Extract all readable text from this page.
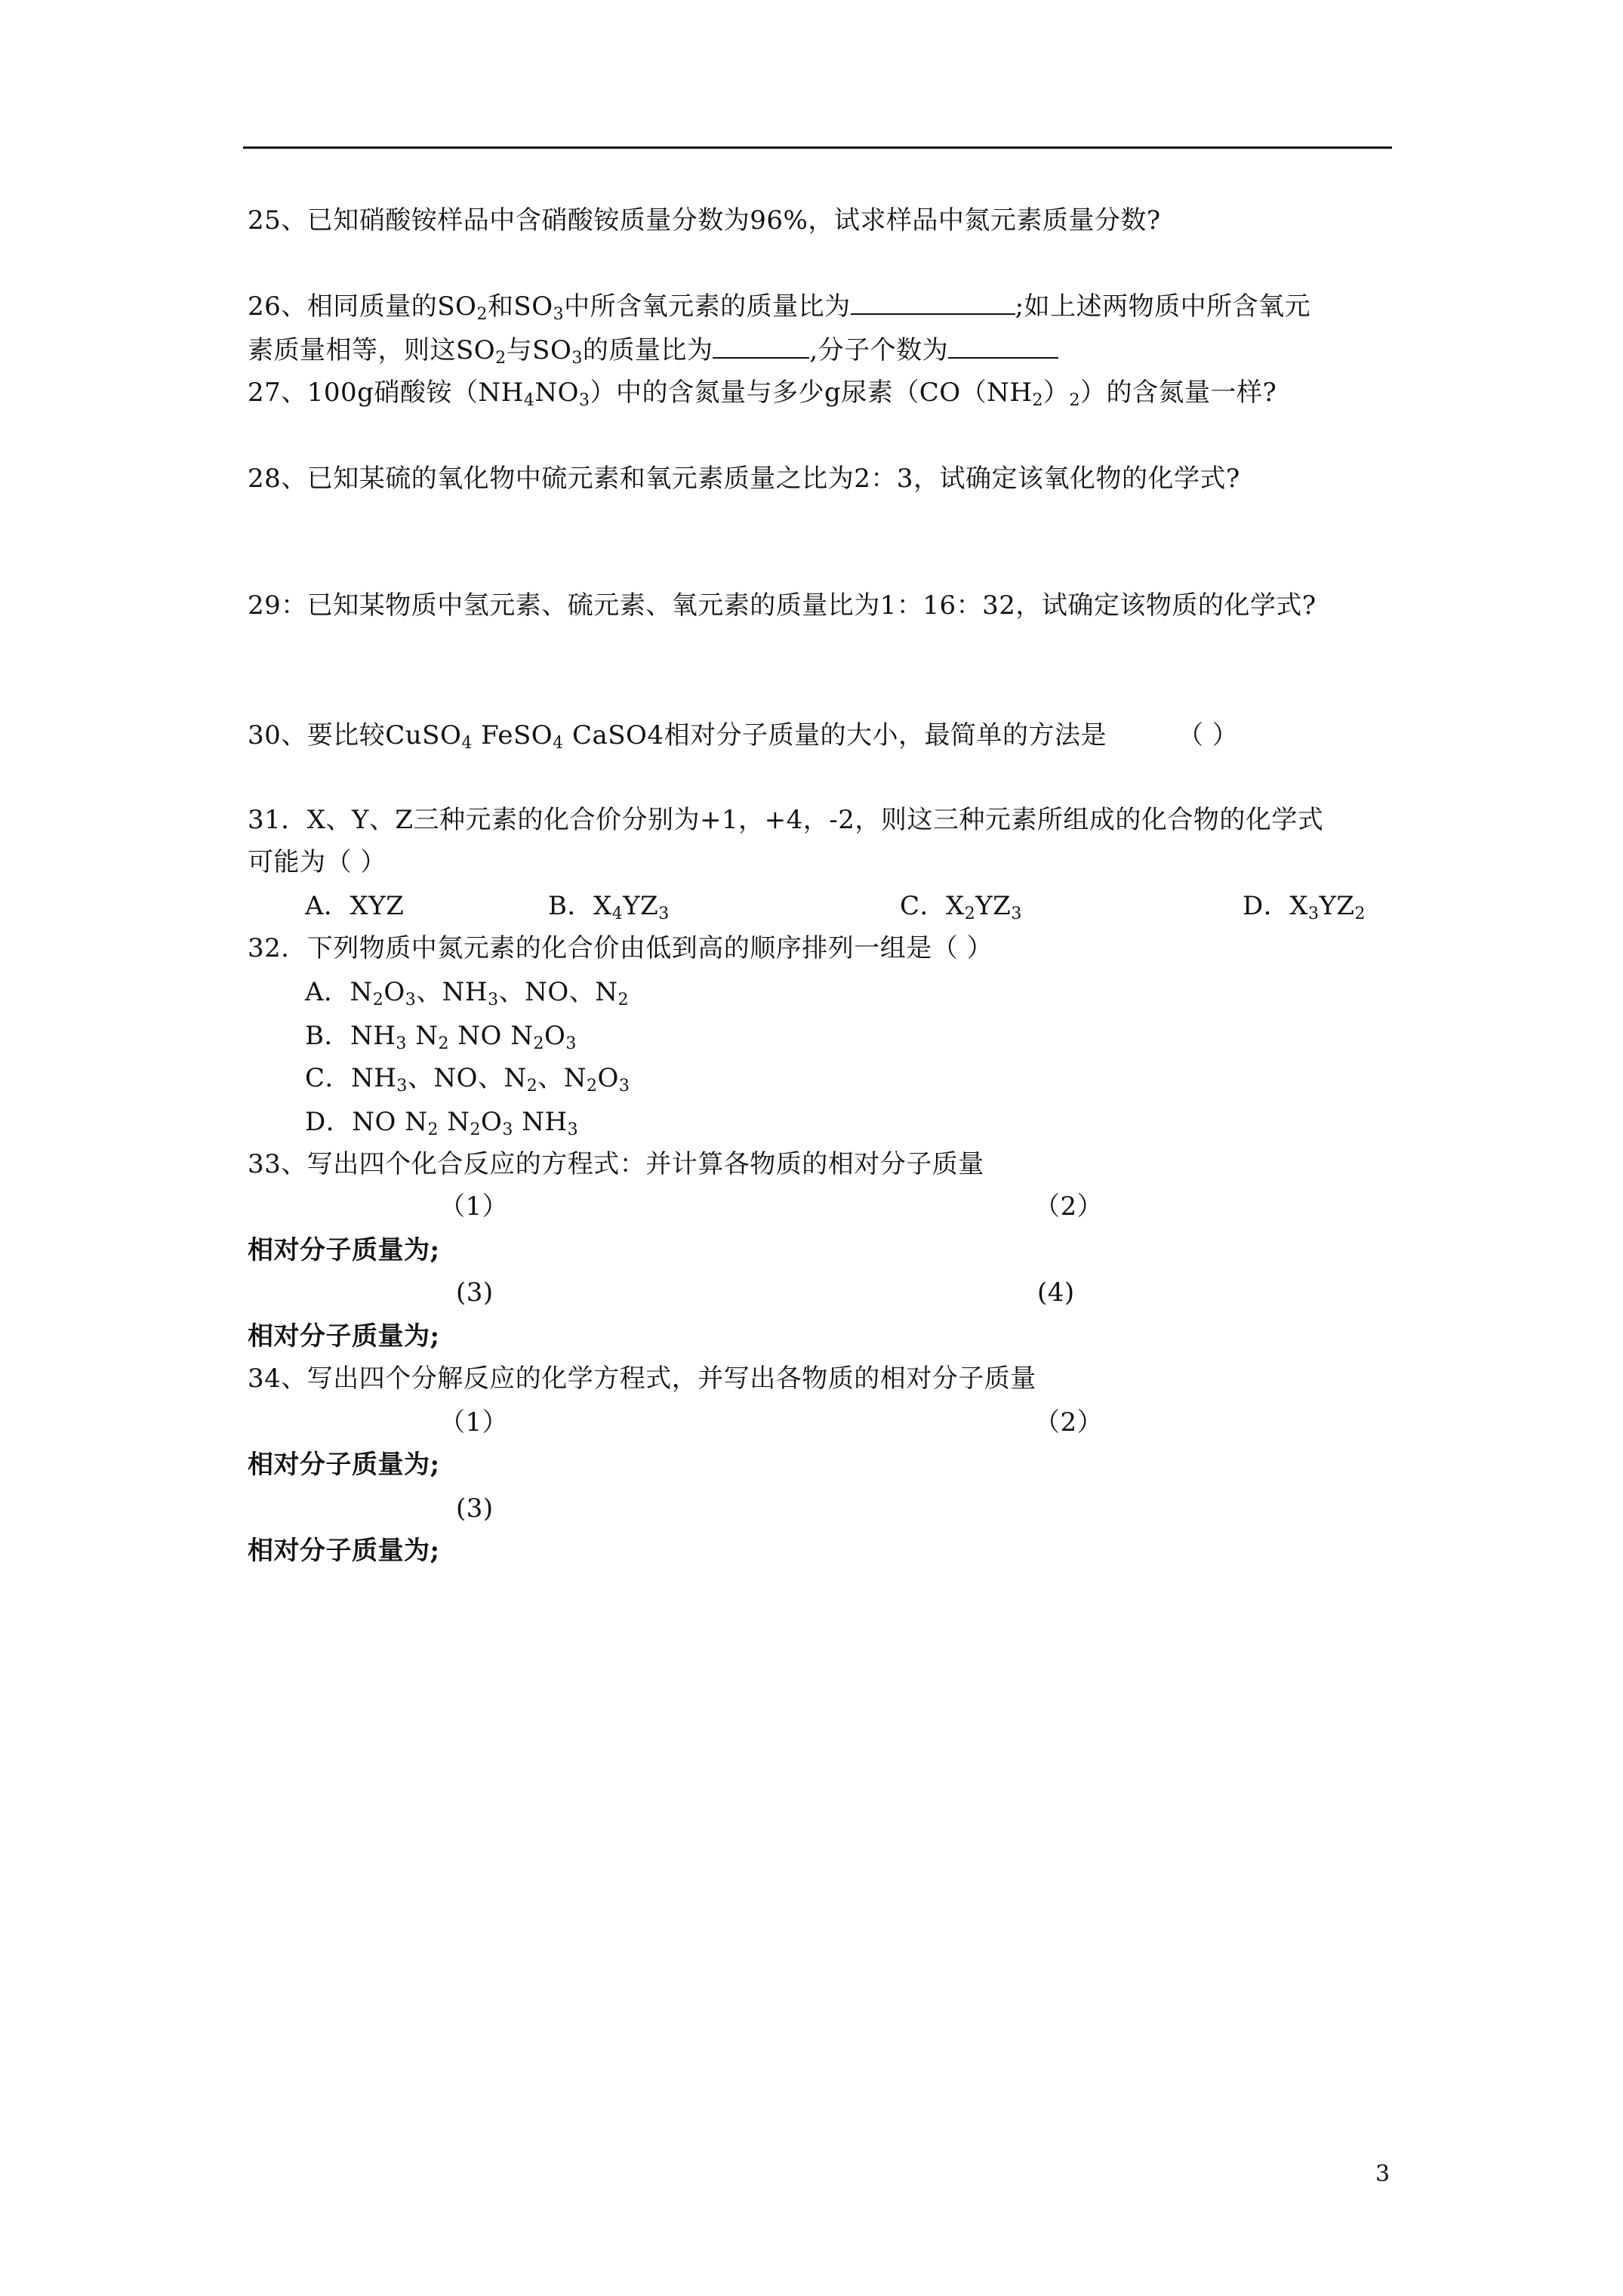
25、已知硝酸铵样品中含硝酸铵质量分数为96%，试求样品中氮元素质量分数?
26、相同质量的$SO_2$和$SO_3$中所含氧元素的质量比为	;如上述两物质中所含氧元
素质量相等，则这$SO_2$与$SO_3$的质量比为	,分子个数为
27、100g硝酸铵$(NH_4NO_3)$中的含氮量与多少g尿素$(CO(NH_2)_2)$的含氮量一样?
28、已知某硫的氧化物中硫元素和氧元素质量之比为2：3，试确定该氧化物的化学式?
29：已知某物质中氢元素、硫元素、氧元素的质量比为1：16：32，试确定该物质的化学式?
30、要比较CuSO$_4$ FeSO$_4$ CaSO4相对分子质量的大小，最简单的方法是	（ ）
31．X、Y、Z三种元素的化合价分别为+1，+4，-2，则这三种元素所组成的化合物的化学式
可能为（ ）
A．XYZ	B．$X_4YZ_3$	C．$X_2YZ_3$	D．$X_3YZ_2$
32．下列物质中氮元素的化合价由低到高的顺序排列一组是（ ）
A．$N_2O_3$、$NH_3$、NO、$N_2$
B．$NH_3$ $N_2$ NO $N_2O_3$
C．$NH_3$、NO、$N_2$、$N_2O_3$
D．NO $N_2$ $N_2O_3$ $NH_3$
33、写出四个化合反应的方程式：并计算各物质的相对分子质量
（1）	（2）
相对分子质量为;
(3)	(4)
相对分子质量为;
34、写出四个分解反应的化学方程式，并写出各物质的相对分子质量
（1）	（2）
相对分子质量为;
(3)
相对分子质量为;
3
